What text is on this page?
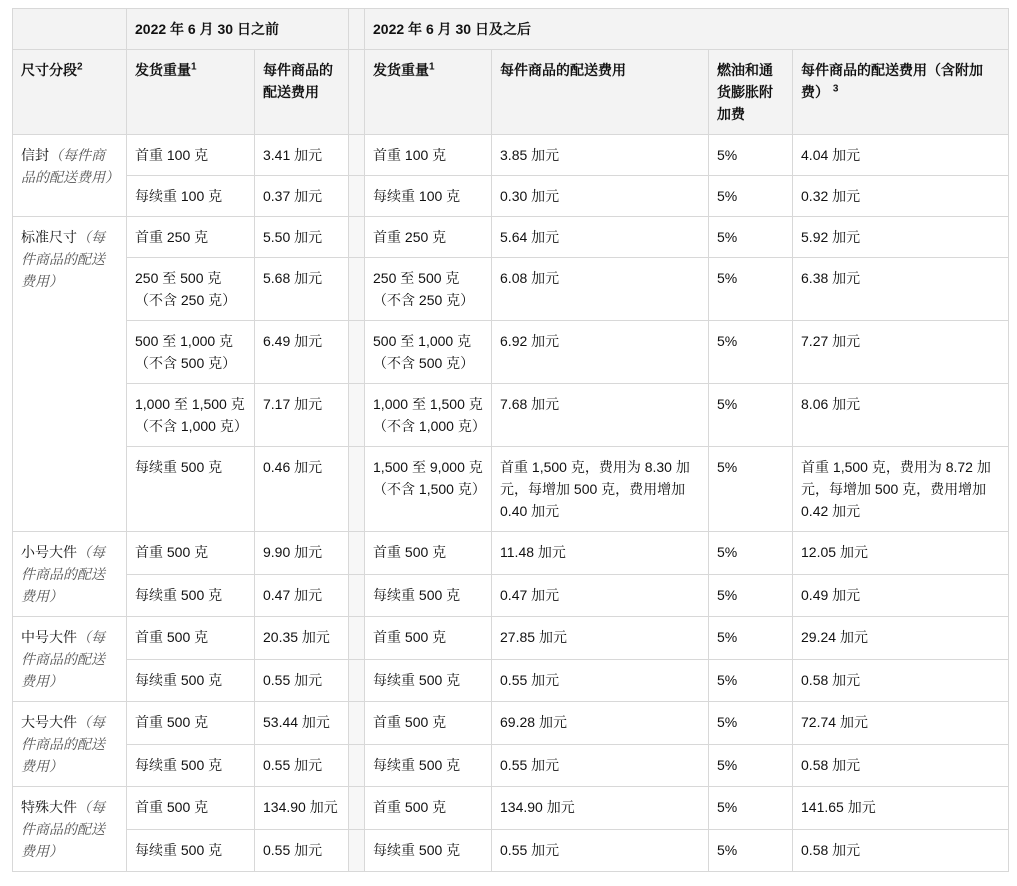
	2022 年 6 月 30 日之前			2022 年 6 月 30 日及之后			
尺寸分段$^2$	发货重量$^1$	每件商品的配送费用		发货重量$^1$	每件商品的配送费用	燃油和通货膨胀附加费	每件商品的配送费用（含附加费） $^3$
信封（每件商品的配送费用）	首重 100 克	3.41 加元		首重 100 克	3.85 加元	5%	4.04 加元
	每续重 100 克	0.37 加元		每续重 100 克	0.30 加元	5%	0.32 加元
标准尺寸（每件商品的配送费用）	首重 250 克	5.50 加元		首重 250 克	5.64 加元	5%	5.92 加元
	250 至 500 克（不含 250 克）	5.68 加元		250 至 500 克（不含 250 克）	6.08 加元	5%	6.38 加元
	500 至 1,000 克（不含 500 克）	6.49 加元		500 至 1,000 克（不含 500 克）	6.92 加元	5%	7.27 加元
	1,000 至 1,500 克（不含 1,000 克）	7.17 加元		1,000 至 1,500 克（不含 1,000 克）	7.68 加元	5%	8.06 加元
	每续重 500 克	0.46 加元		1,500 至 9,000 克（不含 1,500 克）	首重 1,500 克，费用为 8.30 加元，每增加 500 克，费用增加 0.40 加元	5%	首重 1,500 克，费用为 8.72 加元，每增加 500 克，费用增加 0.42 加元
小号大件（每件商品的配送费用）	首重 500 克	9.90 加元		首重 500 克	11.48 加元	5%	12.05 加元
	每续重 500 克	0.47 加元		每续重 500 克	0.47 加元	5%	0.49 加元
中号大件（每件商品的配送费用）	首重 500 克	20.35 加元		首重 500 克	27.85 加元	5%	29.24 加元
	每续重 500 克	0.55 加元		每续重 500 克	0.55 加元	5%	0.58 加元
大号大件（每件商品的配送费用）	首重 500 克	53.44 加元		首重 500 克	69.28 加元	5%	72.74 加元
	每续重 500 克	0.55 加元		每续重 500 克	0.55 加元	5%	0.58 加元
特殊大件（每件商品的配送费用）	首重 500 克	134.90 加元		首重 500 克	134.90 加元	5%	141.65 加元
	每续重 500 克	0.55 加元		每续重 500 克	0.55 加元	5%	0.58 加元
